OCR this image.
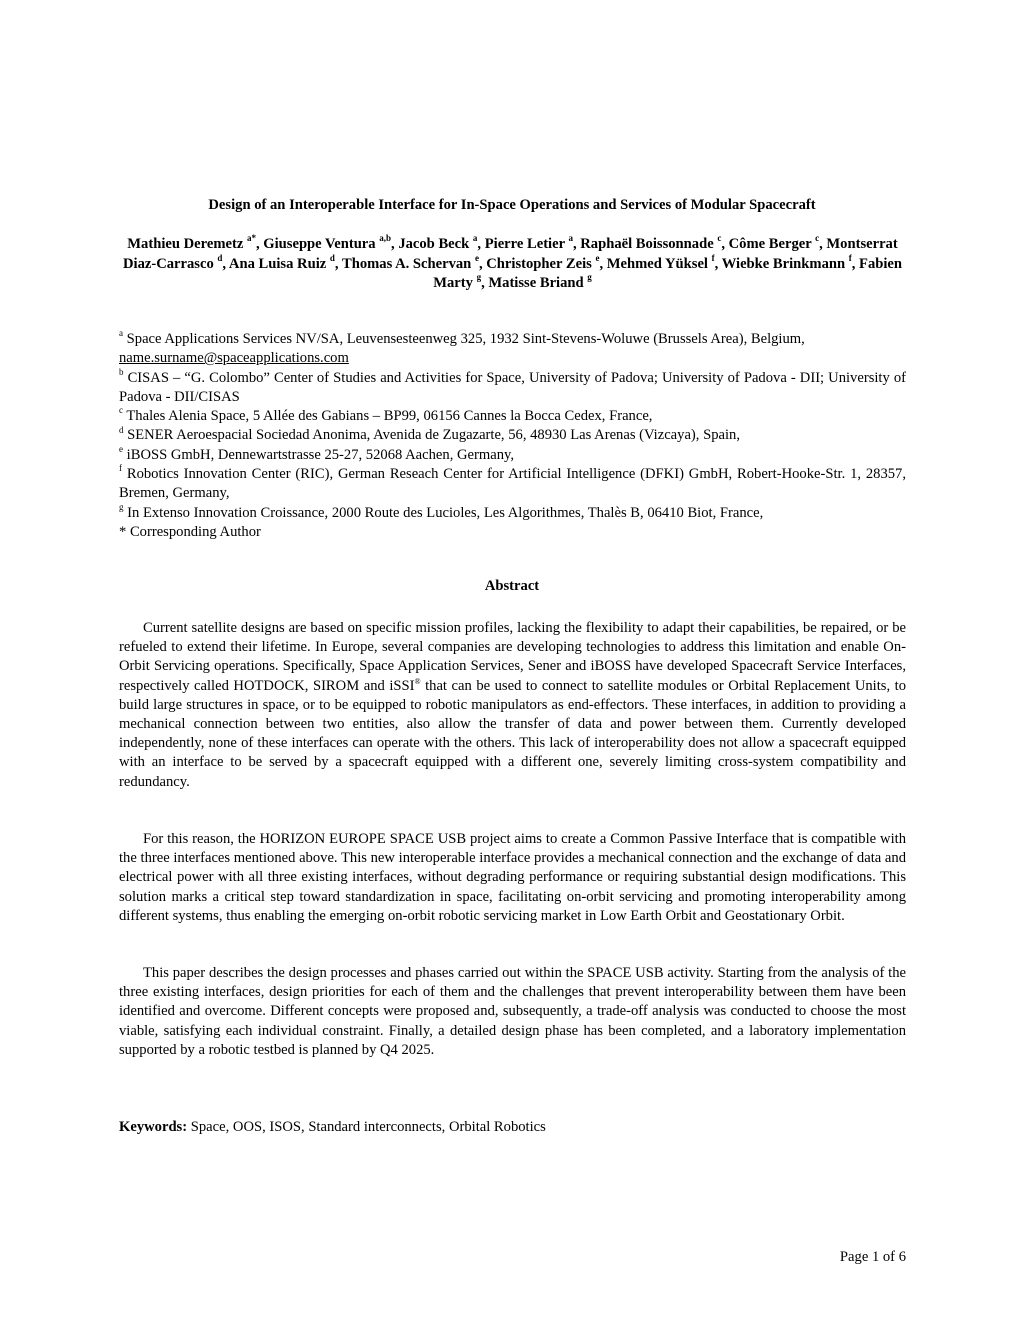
Design of an Interoperable Interface for In-Space Operations and Services of Modular Spacecraft
Mathieu Deremetz $^{a*}$, Giuseppe Ventura $^{a,b}$, Jacob Beck $^a$, Pierre Letier $^a$, Raphaël Boissonnade $^c$, Côme Berger $^c$, Montserrat Diaz-Carrasco $^d$, Ana Luisa Ruiz $^d$, Thomas A. Schervan $^e$, Christopher Zeis $^e$, Mehmed Yüksel $^f$, Wiebke Brinkmann $^f$, Fabien Marty $^g$, Matisse Briand $^g$
$^a$ Space Applications Services NV/SA, Leuvensesteenweg 325, 1932 Sint-Stevens-Woluwe (Brussels Area), Belgium,
name.surname@spaceapplications.com
$^b$ CISAS – “G. Colombo” Center of Studies and Activities for Space, University of Padova; University of Padova - DII; University of Padova - DII/CISAS
$^c$ Thales Alenia Space, 5 Allée des Gabians – BP99, 06156 Cannes la Bocca Cedex, France,
$^d$ SENER Aeroespacial Sociedad Anonima, Avenida de Zugazarte, 56, 48930 Las Arenas (Vizcaya), Spain,
$^e$ iBOSS GmbH, Dennewartstrasse 25-27, 52068 Aachen, Germany,
$^f$ Robotics Innovation Center (RIC), German Reseach Center for Artificial Intelligence (DFKI) GmbH, Robert-Hooke-Str. 1, 28357, Bremen, Germany,
$^g$ In Extenso Innovation Croissance, 2000 Route des Lucioles, Les Algorithmes, Thalès B, 06410 Biot, France,
* Corresponding Author
Abstract
Current satellite designs are based on specific mission profiles, lacking the flexibility to adapt their capabilities, be repaired, or be refueled to extend their lifetime. In Europe, several companies are developing technologies to address this limitation and enable On-Orbit Servicing operations. Specifically, Space Application Services, Sener and iBOSS have developed Spacecraft Service Interfaces, respectively called HOTDOCK, SIROM and iSSI® that can be used to connect to satellite modules or Orbital Replacement Units, to build large structures in space, or to be equipped to robotic manipulators as end-effectors. These interfaces, in addition to providing a mechanical connection between two entities, also allow the transfer of data and power between them. Currently developed independently, none of these interfaces can operate with the others. This lack of interoperability does not allow a spacecraft equipped with an interface to be served by a spacecraft equipped with a different one, severely limiting cross-system compatibility and redundancy.
For this reason, the HORIZON EUROPE SPACE USB project aims to create a Common Passive Interface that is compatible with the three interfaces mentioned above. This new interoperable interface provides a mechanical connection and the exchange of data and electrical power with all three existing interfaces, without degrading performance or requiring substantial design modifications. This solution marks a critical step toward standardization in space, facilitating on-orbit servicing and promoting interoperability among different systems, thus enabling the emerging on-orbit robotic servicing market in Low Earth Orbit and Geostationary Orbit.
This paper describes the design processes and phases carried out within the SPACE USB activity. Starting from the analysis of the three existing interfaces, design priorities for each of them and the challenges that prevent interoperability between them have been identified and overcome. Different concepts were proposed and, subsequently, a trade-off analysis was conducted to choose the most viable, satisfying each individual constraint. Finally, a detailed design phase has been completed, and a laboratory implementation supported by a robotic testbed is planned by Q4 2025.
Keywords: Space, OOS, ISOS, Standard interconnects, Orbital Robotics
Page 1 of 6
